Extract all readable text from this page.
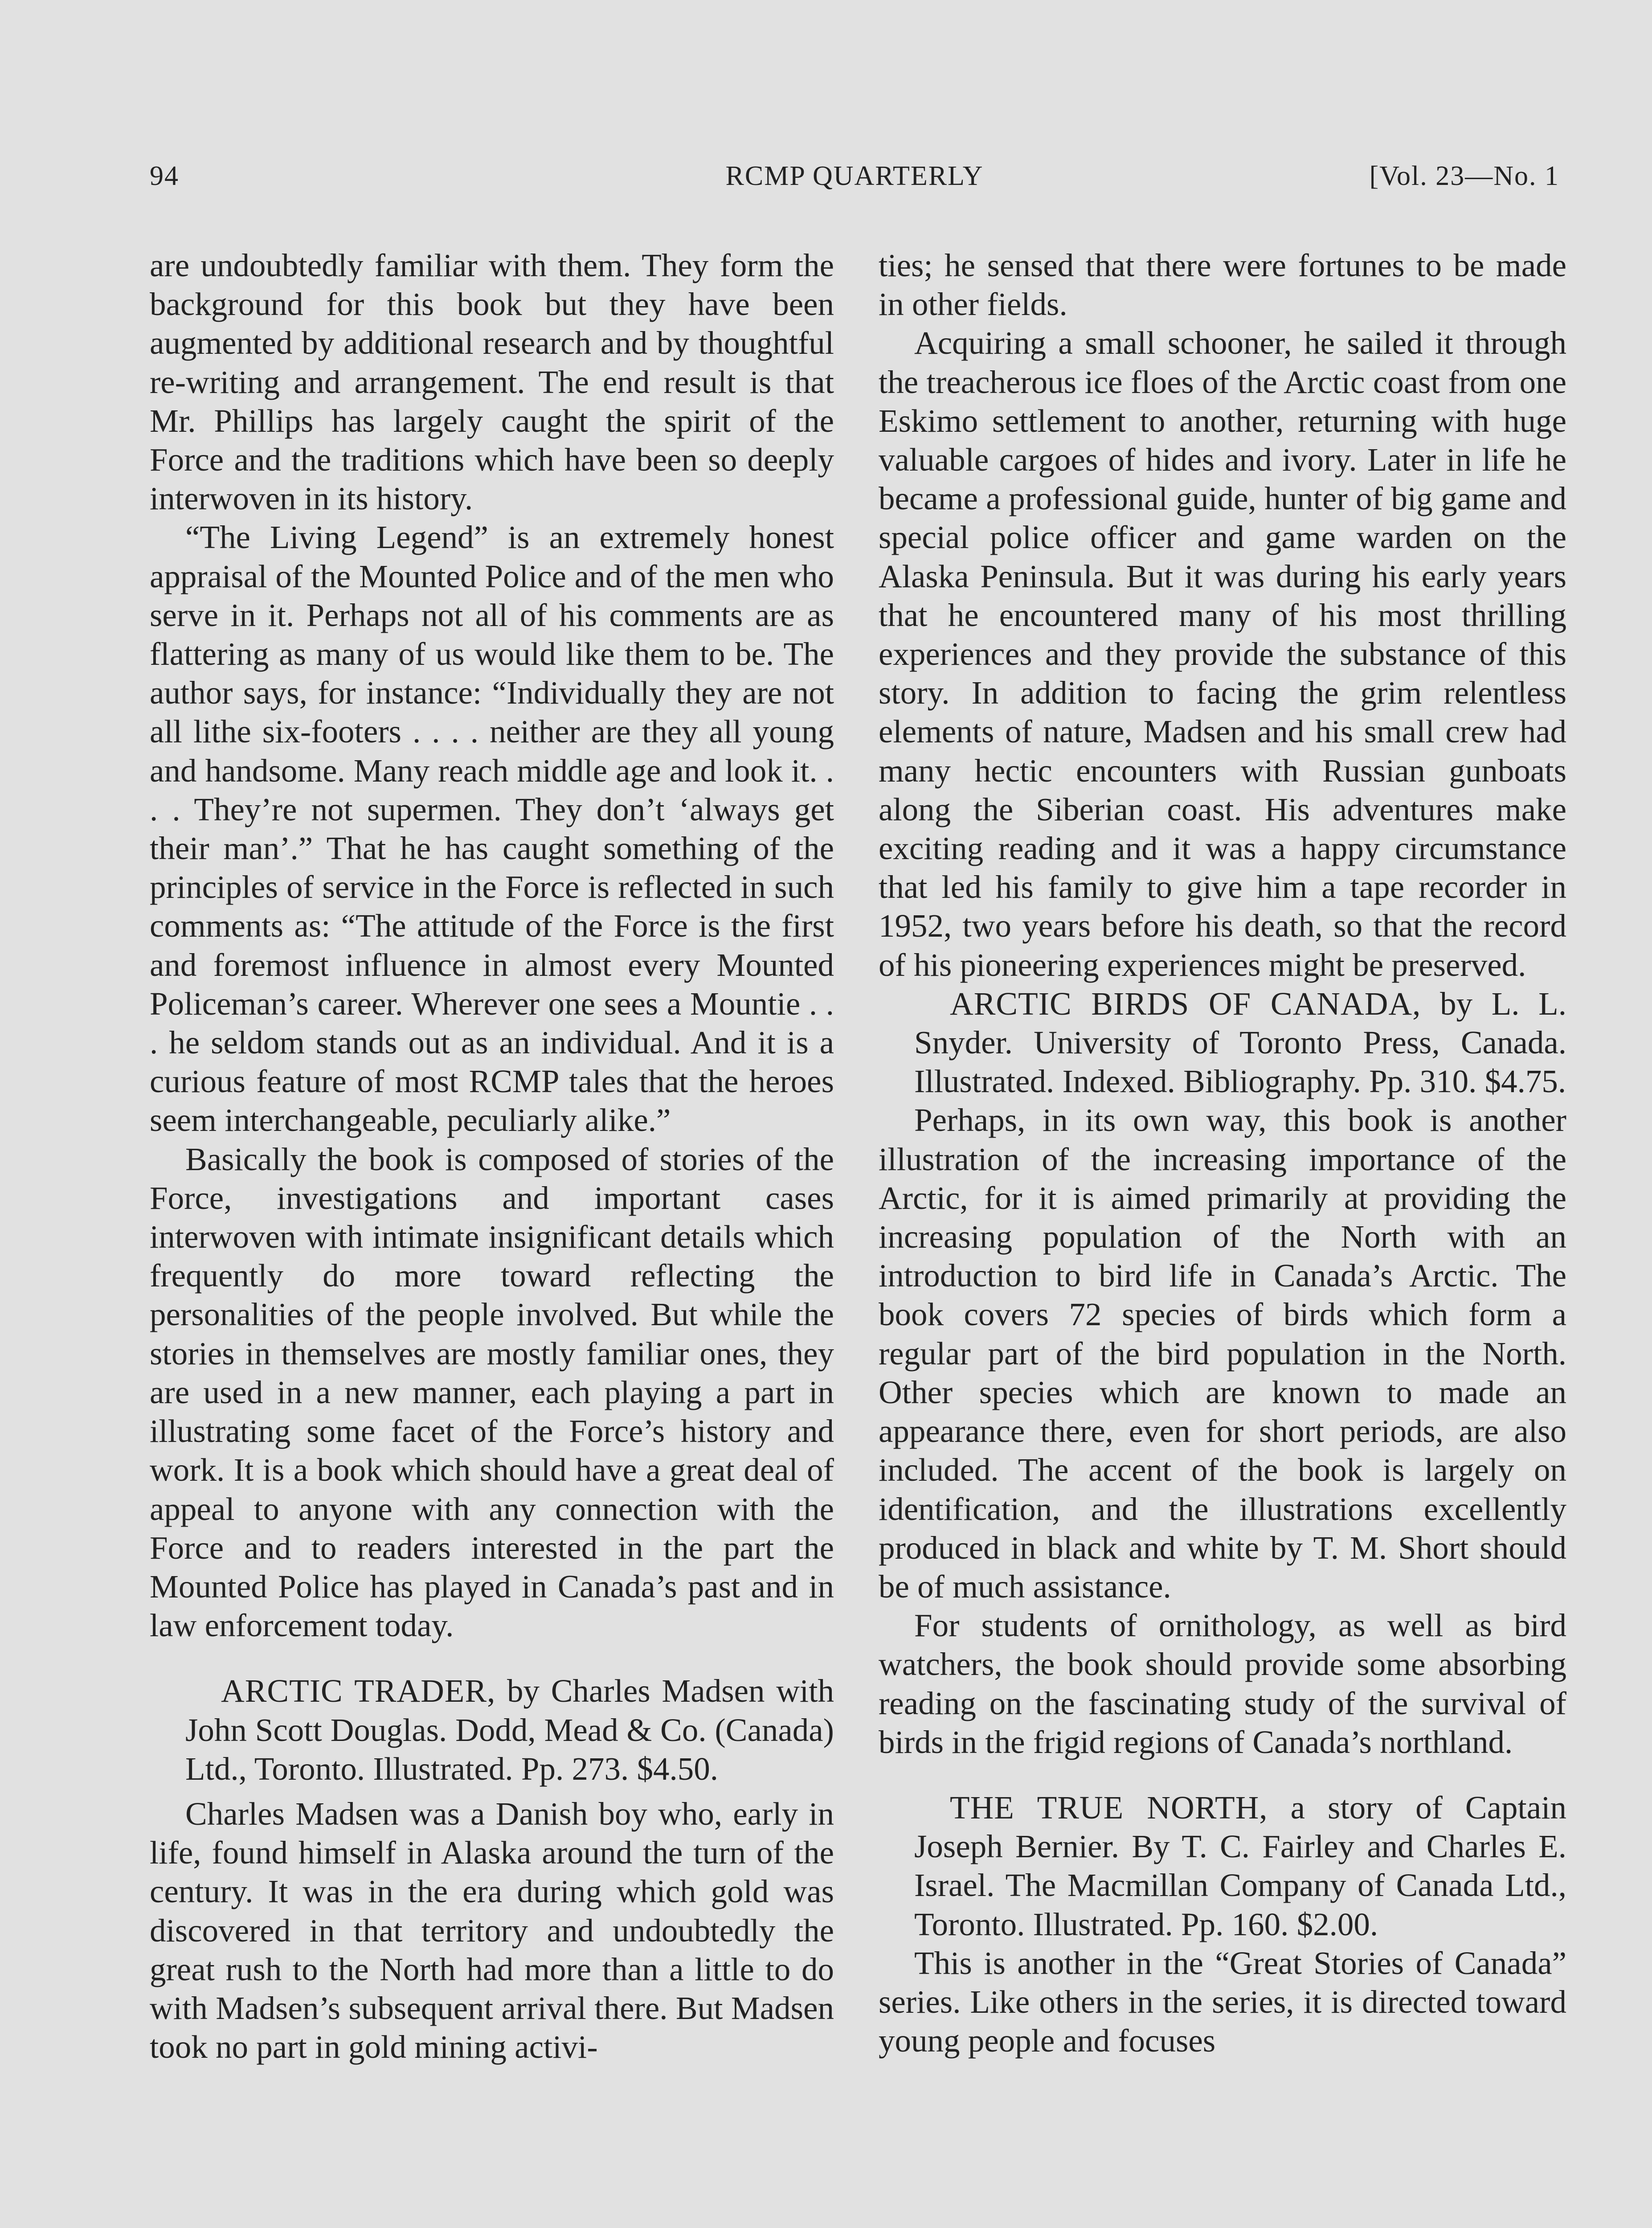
94	RCMP QUARTERLY	[Vol. 23—No. 1

are undoubtedly familiar with them. They form the background for this book but they have been augmented by additional research and by thoughtful re-writing and arrangement. The end result is that Mr. Phillips has largely caught the spirit of the Force and the traditions which have been so deeply interwoven in its history.

“The Living Legend” is an extremely honest appraisal of the Mounted Police and of the men who serve in it. Perhaps not all of his comments are as flattering as many of us would like them to be. The author says, for instance: “Individually they are not all lithe six-footers . . . . neither are they all young and handsome. Many reach middle age and look it. . . . They’re not supermen. They don’t ‘always get their man’.” That he has caught something of the principles of service in the Force is reflected in such comments as: “The attitude of the Force is the first and foremost influence in almost every Mounted Policeman’s career. Wherever one sees a Mountie . . . he seldom stands out as an individual. And it is a curious feature of most RCMP tales that the heroes seem interchangeable, peculiarly alike.”

Basically the book is composed of stories of the Force, investigations and important cases interwoven with intimate insignificant details which frequently do more toward reflecting the personalities of the people involved. But while the stories in themselves are mostly familiar ones, they are used in a new manner, each playing a part in illustrating some facet of the Force’s history and work. It is a book which should have a great deal of appeal to anyone with any connection with the Force and to readers interested in the part the Mounted Police has played in Canada’s past and in law enforcement today.

ARCTIC TRADER, by Charles Madsen with John Scott Douglas. Dodd, Mead & Co. (Canada) Ltd., Toronto. Illustrated. Pp. 273. $4.50.

Charles Madsen was a Danish boy who, early in life, found himself in Alaska around the turn of the century. It was in the era during which gold was discovered in that territory and undoubtedly the great rush to the North had more than a little to do with Madsen’s subsequent arrival there. But Madsen took no part in gold mining activi-

ties; he sensed that there were fortunes to be made in other fields.

Acquiring a small schooner, he sailed it through the treacherous ice floes of the Arctic coast from one Eskimo settlement to another, returning with huge valuable cargoes of hides and ivory. Later in life he became a professional guide, hunter of big game and special police officer and game warden on the Alaska Peninsula. But it was during his early years that he encountered many of his most thrilling experiences and they provide the substance of this story. In addition to facing the grim relentless elements of nature, Madsen and his small crew had many hectic encounters with Russian gunboats along the Siberian coast. His adventures make exciting reading and it was a happy circumstance that led his family to give him a tape recorder in 1952, two years before his death, so that the record of his pioneering experiences might be preserved.

ARCTIC BIRDS OF CANADA, by L. L. Snyder. University of Toronto Press, Canada. Illustrated. Indexed. Bibliography. Pp. 310. $4.75.

Perhaps, in its own way, this book is another illustration of the increasing importance of the Arctic, for it is aimed primarily at providing the increasing population of the North with an introduction to bird life in Canada’s Arctic. The book covers 72 species of birds which form a regular part of the bird population in the North. Other species which are known to made an appearance there, even for short periods, are also included. The accent of the book is largely on identification, and the illustrations excellently produced in black and white by T. M. Short should be of much assistance.

For students of ornithology, as well as bird watchers, the book should provide some absorbing reading on the fascinating study of the survival of birds in the frigid regions of Canada’s northland.

THE TRUE NORTH, a story of Captain Joseph Bernier. By T. C. Fairley and Charles E. Israel. The Macmillan Company of Canada Ltd., Toronto. Illustrated. Pp. 160. $2.00.

This is another in the “Great Stories of Canada” series. Like others in the series, it is directed toward young people and focuses
